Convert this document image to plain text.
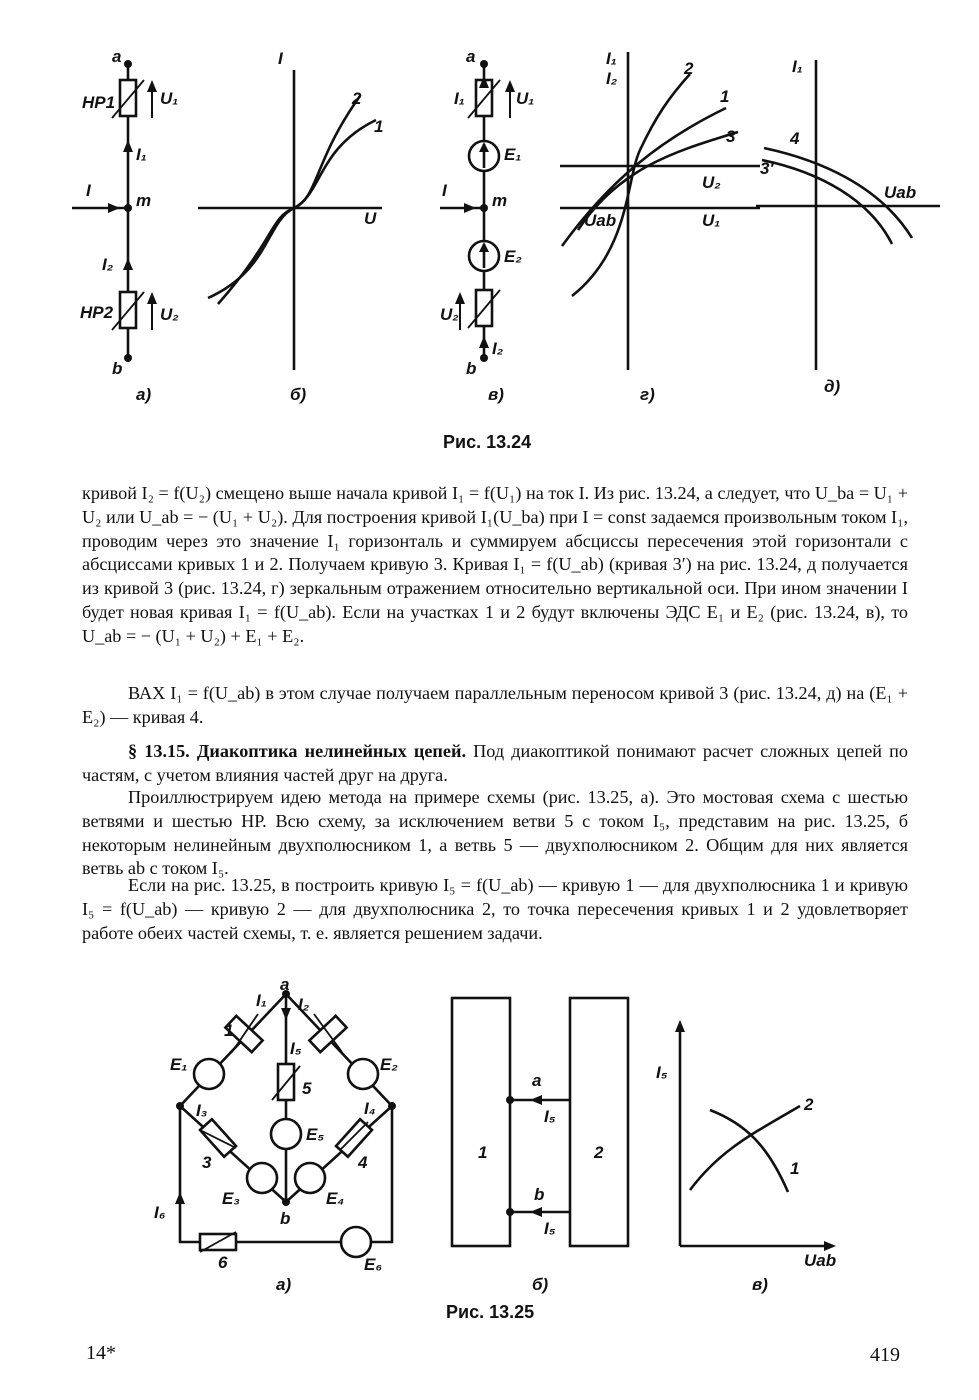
a
НР1	U₁
I₁
I
m
I₂
НР2	U₂
b
а)
I
U
2
1
б)
a
I₁	U₁
E₁
I
m
E₂
U₂
I₂
b
в)
I₁
I₂
2
1
3
U₂
Uab	U₁
г)
I₁
4
3′
Uab
д)
Рис. 13.24

кривой I₂ = f(U₂) смещено выше начала кривой I₁ = f(U₁) на ток I. Из рис. 13.24, а следует, что U_ba = U₁ + U₂ или U_ab = − (U₁ + U₂). Для построения кривой I₁(U_ba) при I = const задаемся произвольным током I₁, проводим через это значение I₁ горизонталь и суммируем абсциссы пересечения этой горизонтали с абсциссами кривых 1 и 2. Получаем кривую 3. Кривая I₁ = f(U_ab) (кривая 3′) на рис. 13.24, д получается из кривой 3 (рис. 13.24, г) зеркальным отражением относительно вертикальной оси. При ином значении I будет новая кривая I₁ = f(U_ab). Если на участках 1 и 2 будут включены ЭДС E₁ и E₂ (рис. 13.24, в), то U_ab = − (U₁ + U₂) + E₁ + E₂.

ВАХ I₁ = f(U_ab) в этом случае получаем параллельным переносом кривой 3 (рис. 13.24, д) на (E₁ + E₂) — кривая 4.

§ 13.15. Диакоптика нелинейных цепей. Под диакоптикой понимают расчет сложных цепей по частям, с учетом влияния частей друг на друга.

Проиллюстрируем идею метода на примере схемы (рис. 13.25, а). Это мостовая схема с шестью ветвями и шестью НР. Всю схему, за исключением ветви 5 с током I₅, представим на рис. 13.25, б некоторым нелинейным двухполюсником 1, а ветвь 5 — двухполюсником 2. Общим для них является ветвь ab с током I₅.

Если на рис. 13.25, в построить кривую I₅ = f(U_ab) — кривую 1 — для двухполюсника 1 и кривую I₅ = f(U_ab) — кривую 2 — для двухполюсника 2, то точка пересечения кривых 1 и 2 удовлетворяет работе обеих частей схемы, т. е. является решением задачи.

a
I₁ I₂
1
I₅
E₁	E₂
5
I₃	I₄
E₅
3	4
E₃	E₄
I₆	b
6	E₆
а)
1	2
a
I₅
b
I₅
б)
I₅
2
1
Uab
в)
Рис. 13.25
14*	419
